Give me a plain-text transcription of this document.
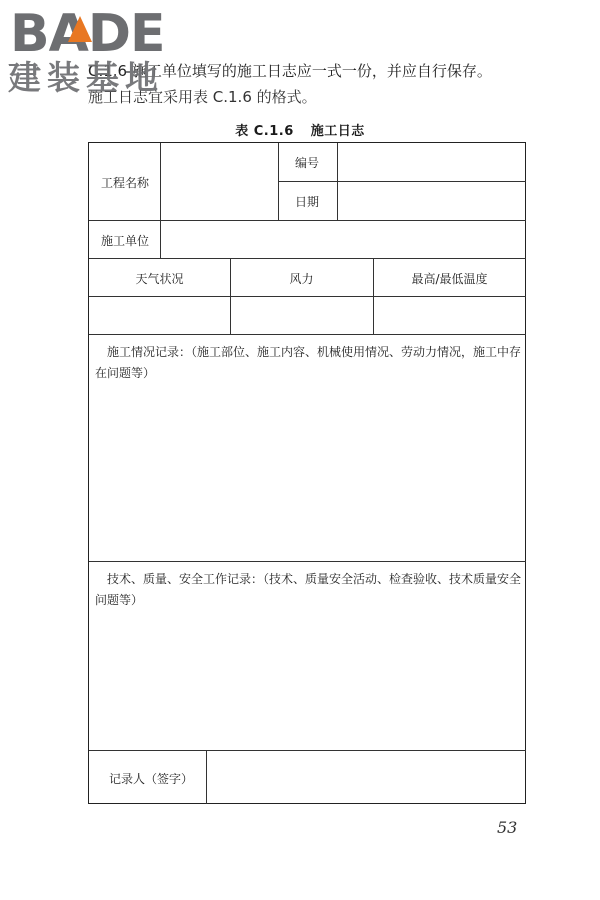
BADE
建装基地

C.1.6 施工单位填写的施工日志应一式一份，并应自行保存。

施工日志宜采用表 C.1.6 的格式。

表 C.1.6 施工日志
工程名称
编号
日期
施工单位
天气状况	风力	最高/最低温度
施工情况记录：（施工部位、施工内容、机械使用情况、劳动力情况，施工中存
在问题等）
技术、质量、安全工作记录：（技术、质量安全活动、检查验收、技术质量安全
问题等）
记录人（签字）
53
